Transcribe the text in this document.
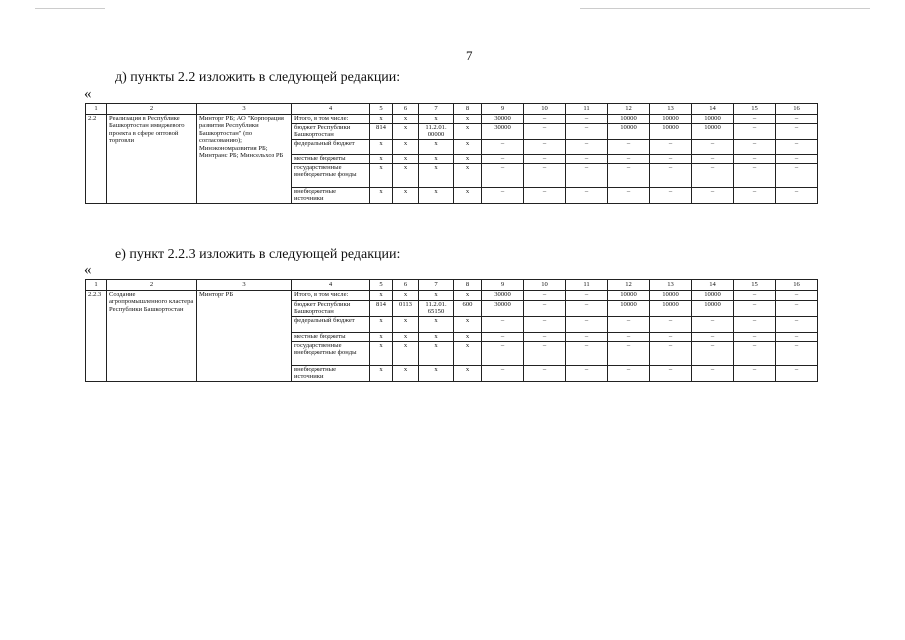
7
д) пункты 2.2 изложить в следующей редакции:
«
1	2	3	4	5	6	7	8	9	10	11	12	13	14	15	16
2.2	Реализация в Республике Башкортостан имиджевого проекта в сфере оптовой торговли	Минторг РБ; АО "Корпорация развития Республики Башкортостан" (по согласованию); Минэкономразвития РБ; Минтранс РБ; Минсельхоз РБ	Итого, в том числе:	х	х	х	х	30000	–	–	10000	10000	10000	–	–
			бюджет Республики Башкортостан	814	х	11.2.01. 00000	х	30000	–	–	10000	10000	10000	–	–
			федеральный бюджет	х	х	х	х	–	–	–	–	–	–	–	–
			местные бюджеты	х	х	х	х	–	–	–	–	–	–	–	–
			государственные внебюджетные фонды	х	х	х	х	–	–	–	–	–	–	–	–
			внебюджетные источники	х	х	х	х	–	–	–	–	–	–	–	–
е) пункт 2.2.3 изложить в следующей редакции:
«
1	2	3	4	5	6	7	8	9	10	11	12	13	14	15	16
2.2.3	Создание агропромышленного кластера Республики Башкортостан	Минторг РБ	Итого, в том числе:	х	х	х	х	30000	–	–	10000	10000	10000	–	–
			бюджет Республики Башкортостан	814	0113	11.2.01. 65150	600	30000	–	–	10000	10000	10000	–	–
			федеральный бюджет	х	х	х	х	–	–	–	–	–	–	–	–
			местные бюджеты	х	х	х	х	–	–	–	–	–	–	–	–
			государственные внебюджетные фонды	х	х	х	х	–	–	–	–	–	–	–	–
			внебюджетные источники	х	х	х	х	–	–	–	–	–	–	–	–
